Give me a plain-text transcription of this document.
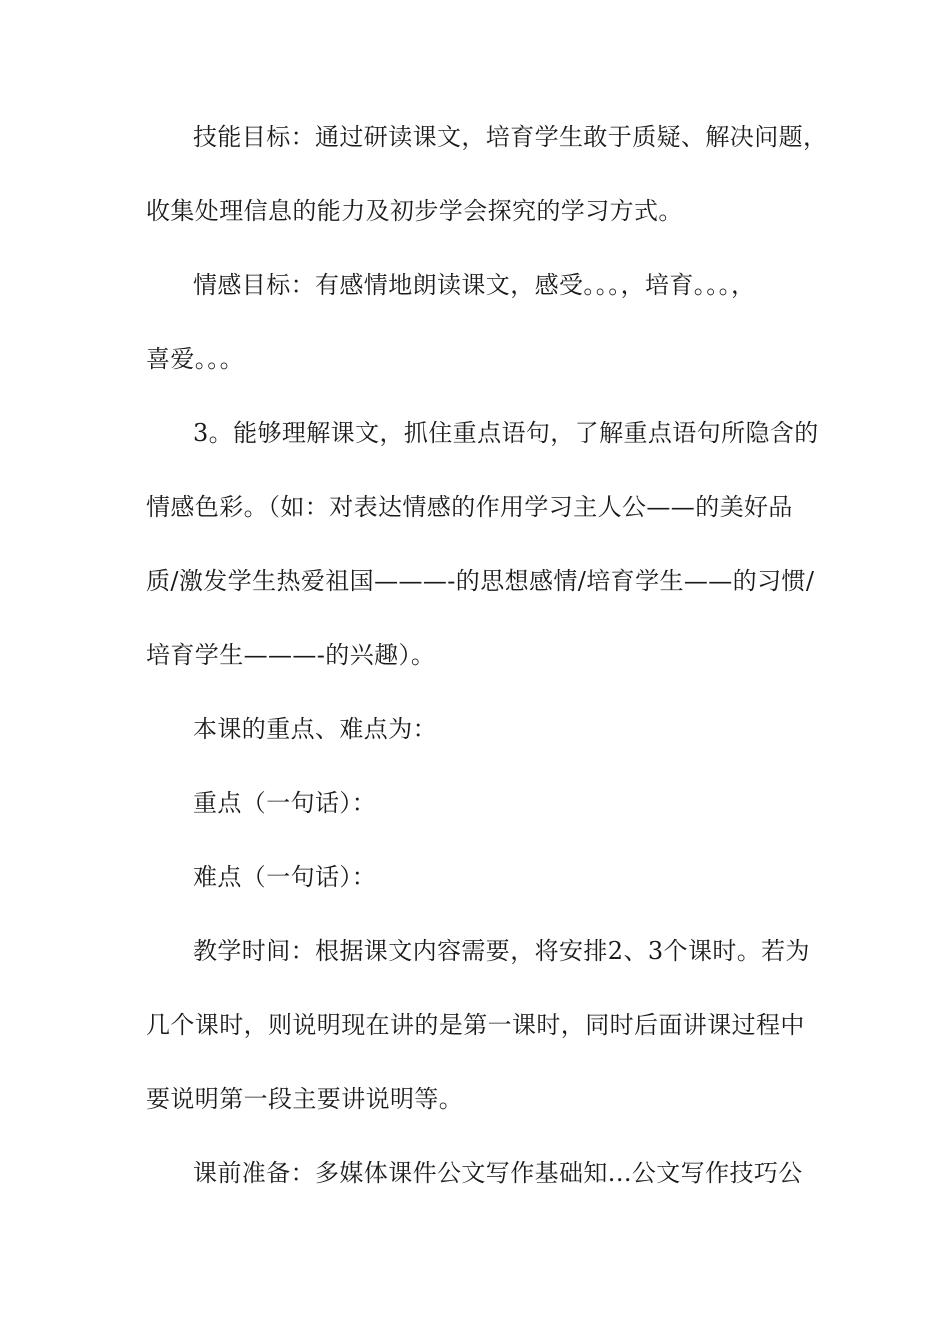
技能目标：通过研读课文，培育学生敢于质疑、解决问题，
收集处理信息的能力及初步学会探究的学习方式。
情感目标：有感情地朗读课文，感受。。。，培育。。。，
喜爱。。。
3。能够理解课文，抓住重点语句，了解重点语句所隐含的
情感色彩。（如：对表达情感的作用学习主人公——的美好品
质/激发学生热爱祖国———-的思想感情/培育学生——的习惯/
培育学生———-的兴趣）。
本课的重点、难点为：
重点（一句话）：
难点（一句话）：
教学时间：根据课文内容需要，将安排2、3个课时。若为
几个课时，则说明现在讲的是第一课时，同时后面讲课过程中
要说明第一段主要讲说明等。
课前准备：多媒体课件公文写作基础知...公文写作技巧公
